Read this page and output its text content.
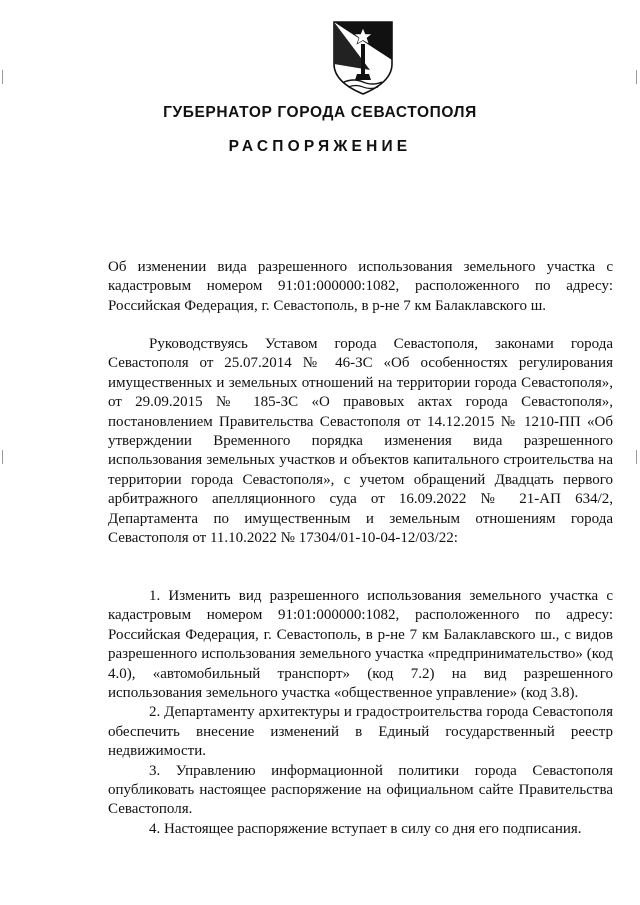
ГУБЕРНАТОР ГОРОДА СЕВАСТОПОЛЯ
РАСПОРЯЖЕНИЕ
Об изменении вида разрешенного использования земельного участка с кадастровым номером 91:01:000000:1082, расположенного по адресу: Российская Федерация, г. Севастополь, в р-не 7 км Балаклавского ш.
Руководствуясь Уставом города Севастополя, законами города Севастополя от 25.07.2014 № 46-ЗС «Об особенностях регулирования имущественных и земельных отношений на территории города Севастополя», от 29.09.2015 № 185-ЗС «О правовых актах города Севастополя», постановлением Правительства Севастополя от 14.12.2015 № 1210-ПП «Об утверждении Временного порядка изменения вида разрешенного использования земельных участков и объектов капитального строительства на территории города Севастополя», с учетом обращений Двадцать первого арбитражного апелляционного суда от 16.09.2022 № 21-АП 634/2, Департамента по имущественным и земельным отношениям города Севастополя от 11.10.2022 № 17304/01-10-04-12/03/22:

1. Изменить вид разрешенного использования земельного участка с кадастровым номером 91:01:000000:1082, расположенного по адресу: Российская Федерация, г. Севастополь, в р-не 7 км Балаклавского ш., с видов разрешенного использования земельного участка «предпринимательство» (код 4.0), «автомобильный транспорт» (код 7.2) на вид разрешенного использования земельного участка «общественное управление» (код 3.8).

2. Департаменту архитектуры и градостроительства города Севастополя обеспечить внесение изменений в Единый государственный реестр недвижимости.

3. Управлению информационной политики города Севастополя опубликовать настоящее распоряжение на официальном сайте Правительства Севастополя.

4. Настоящее распоряжение вступает в силу со дня его подписания.
